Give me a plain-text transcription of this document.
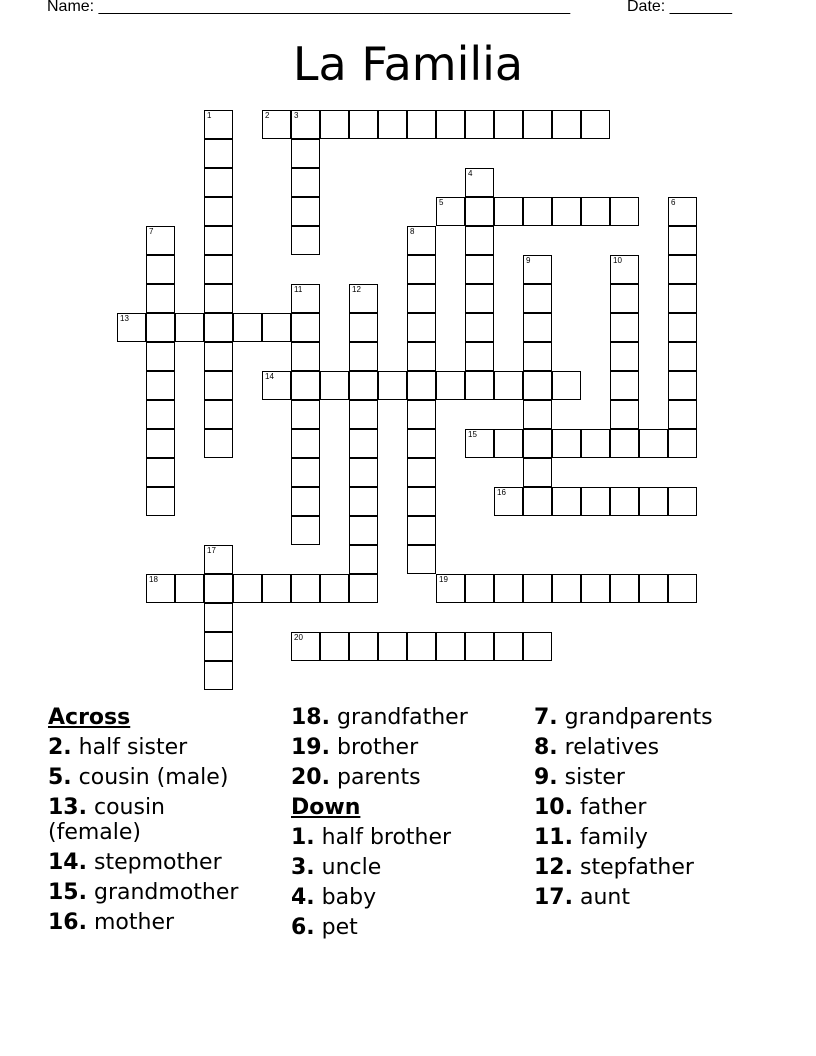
Name: _____________________________________________________	Date: _______
La Familia
2	3
5
13
14
15
16
18	19
20
1
4
6
7	8
9	10
11	12
17
Across
2. half sister
5. cousin (male)
13. cousin (female)
14. stepmother
15. grandmother
16. mother
18. grandfather
19. brother
20. parents
Down
1. half brother
3. uncle
4. baby
6. pet
7. grandparents
8. relatives
9. sister
10. father
11. family
12. stepfather
17. aunt
